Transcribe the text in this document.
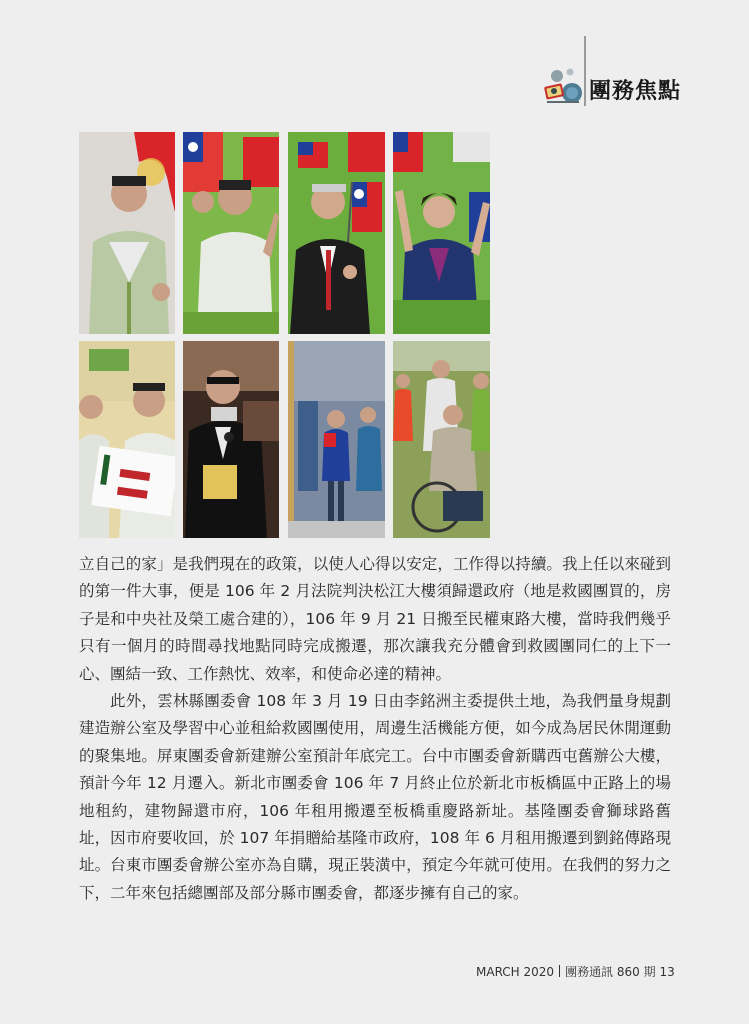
團務焦點

立自己的家」是我們現在的政策，以使人心得以安定，工作得以持續。我上任以來碰到的第一件大事，便是 106 年 2 月法院判決松江大樓須歸還政府（地是救國團買的，房子是和中央社及榮工處合建的），106 年 9 月 21 日搬至民權東路大樓，當時我們幾乎只有一個月的時間尋找地點同時完成搬遷，那次讓我充分體會到救國團同仁的上下一心、團結一致、工作熱忱、效率，和使命必達的精神。

此外，雲林縣團委會 108 年 3 月 19 日由李銘洲主委提供土地，為我們量身規劃建造辦公室及學習中心並租給救國團使用，周邊生活機能方便，如今成為居民休閒運動的聚集地。屏東團委會新建辦公室預計年底完工。台中市團委會新購西屯舊辦公大樓，預計今年 12 月遷入。新北市團委會 106 年 7 月終止位於新北市板橋區中正路上的場地租約，建物歸還市府，106 年租用搬遷至板橋重慶路新址。基隆團委會獅球路舊址，因市府要收回，於 107 年捐贈給基隆市政府，108 年 6 月租用搬遷到劉銘傳路現址。台東市團委會辦公室亦為自購，現正裝潢中，預定今年就可使用。在我們的努力之下，二年來包括總團部及部分縣市團委會，都逐步擁有自己的家。

MARCH 2020 團務通訊 860 期 13
